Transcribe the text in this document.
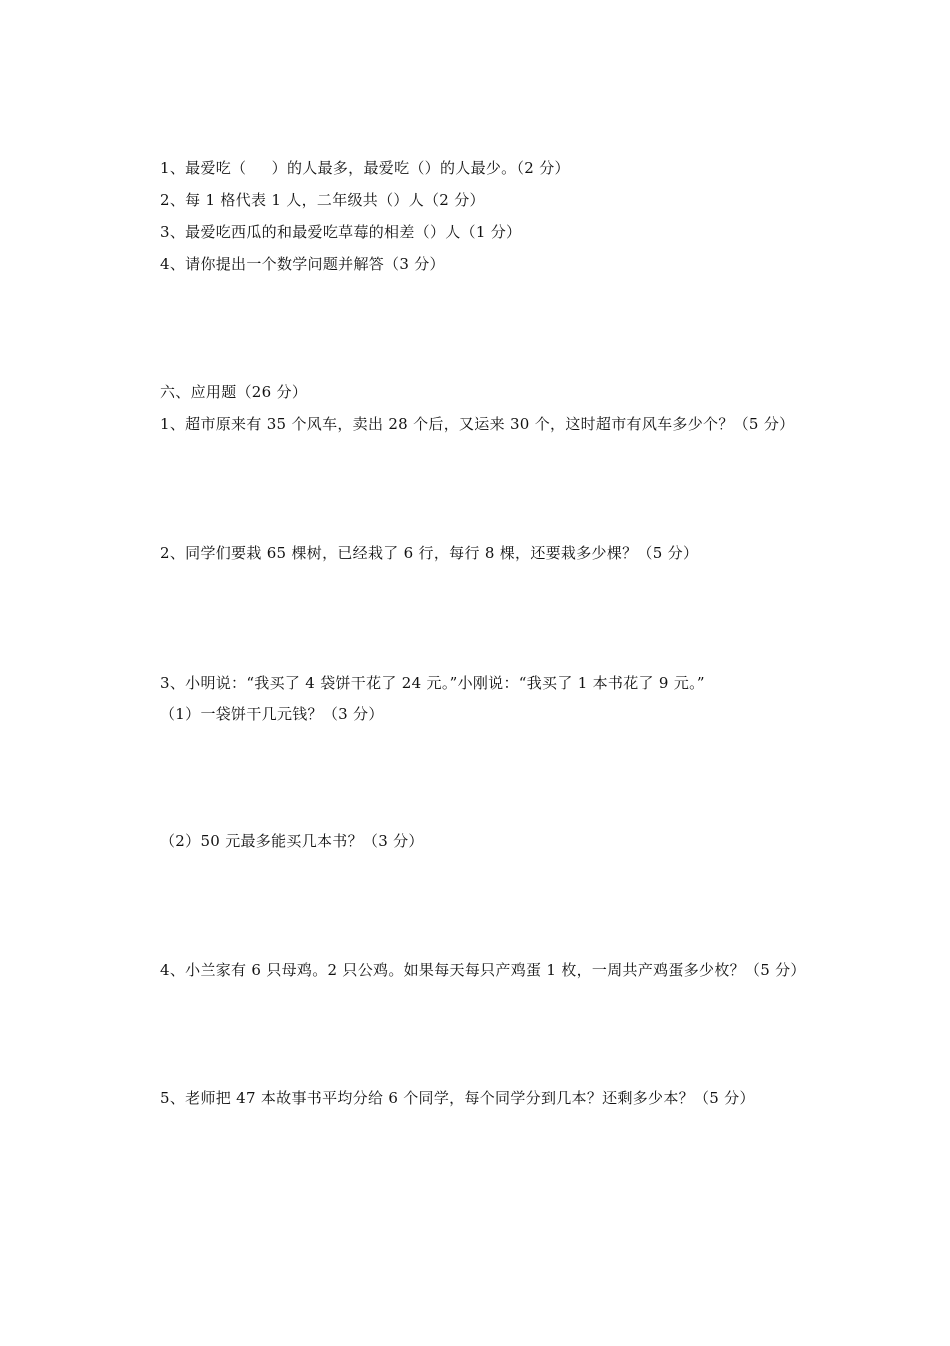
1、最爱吃（     ）的人最多，最爱吃（）的人最少。（2 分）
2、每 1 格代表 1 人，二年级共（）人（2 分）
3、最爱吃西瓜的和最爱吃草莓的相差（）人（1 分）
4、请你提出一个数学问题并解答（3 分）
六、应用题（26 分）
1、超市原来有 35 个风车，卖出 28 个后，又运来 30 个，这时超市有风车多少个？（5 分）
2、同学们要栽 65 棵树，已经栽了 6 行，每行 8 棵，还要栽多少棵？（5 分）
3、小明说：“我买了 4 袋饼干花了 24 元。”小刚说：“我买了 1 本书花了 9 元。”
（1）一袋饼干几元钱？（3 分）
（2）50 元最多能买几本书？（3 分）
4、小兰家有 6 只母鸡。2 只公鸡。如果每天每只产鸡蛋 1 枚，一周共产鸡蛋多少枚？（5 分）
5、老师把 47 本故事书平均分给 6 个同学，每个同学分到几本？还剩多少本？（5 分）
